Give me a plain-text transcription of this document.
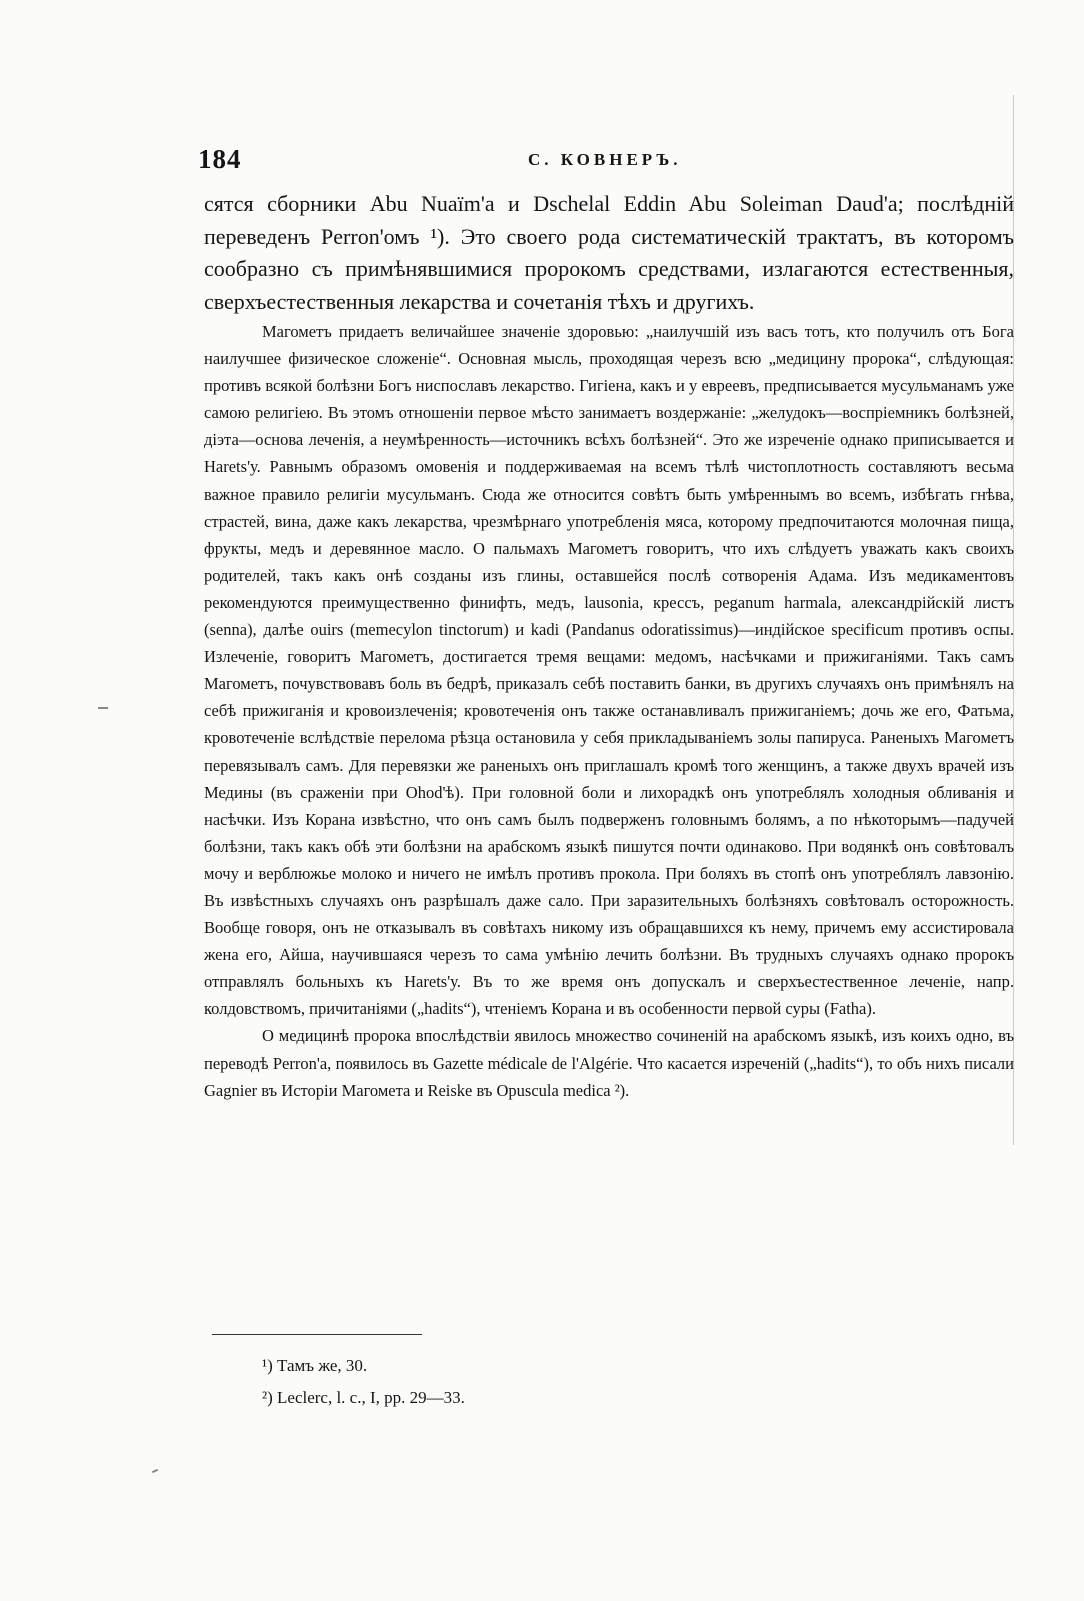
184	С. КОВНЕРЪ.

сятся сборники Abu Nuaïm'a и Dschelal Eddin Abu Soleiman Daud'a; послѣдній переведенъ Perron'омъ ¹). Это своего рода систематическій трактатъ, въ которомъ сообразно съ примѣнявшимися пророкомъ средствами, излагаются естественныя, сверхъестественныя лекарства и сочетанія тѣхъ и другихъ.

Магометъ придаетъ величайшее значеніе здоровью: „наилучшій изъ васъ тотъ, кто получилъ отъ Бога наилучшее физическое сложеніе“. Основная мысль, проходящая черезъ всю „медицину пророка“, слѣдующая: противъ всякой болѣзни Богъ ниспославъ лекарство. Гигіена, какъ и у евреевъ, предписывается мусульманамъ уже самою религіею. Въ этомъ отношеніи первое мѣсто занимаетъ воздержаніе: „желудокъ—воспріемникъ болѣзней, діэта—основа леченія, а неумѣренность—источникъ всѣхъ болѣзней“. Это же изреченіе однако приписывается и Harets'у. Равнымъ образомъ омовенія и поддерживаемая на всемъ тѣлѣ чистоплотность составляютъ весьма важное правило религіи мусульманъ. Сюда же относится совѣтъ быть умѣреннымъ во всемъ, избѣгать гнѣва, страстей, вина, даже какъ лекарства, чрезмѣрнаго употребленія мяса, которому предпочитаются молочная пища, фрукты, медъ и деревянное масло. О пальмахъ Магометъ говоритъ, что ихъ слѣдуетъ уважать какъ своихъ родителей, такъ какъ онѣ созданы изъ глины, оставшейся послѣ сотворенія Адама. Изъ медикаментовъ рекомендуются преимущественно финифть, медъ, lausonia, крессъ, peganum harmala, александрійскій листъ (senna), далѣе ouirs (memecylon tinctorum) и kadi (Pandanus odoratissimus)—индійское specificum противъ оспы. Излеченіе, говоритъ Магометъ, достигается тремя вещами: медомъ, насѣчками и прижиганіями. Такъ самъ Магометъ, почувствовавъ боль въ бедрѣ, приказалъ себѣ поставить банки, въ другихъ случаяхъ онъ примѣнялъ на себѣ прижиганія и кровоизлеченія; кровотеченія онъ также останавливалъ прижиганіемъ; дочь же его, Фатьма, кровотеченіе вслѣдствіе перелома рѣзца остановила у себя прикладываніемъ золы папируса. Раненыхъ Магометъ перевязывалъ самъ. Для перевязки же раненыхъ онъ приглашалъ кромѣ того женщинъ, а также двухъ врачей изъ Медины (въ сраженіи при Ohod'ѣ). При головной боли и лихорадкѣ онъ употреблялъ холодныя обливанія и насѣчки. Изъ Корана извѣстно, что онъ самъ былъ подверженъ головнымъ болямъ, а по нѣкоторымъ—падучей болѣзни, такъ какъ обѣ эти болѣзни на арабскомъ языкѣ пишутся почти одинаково. При водянкѣ онъ совѣтовалъ мочу и верблюжье молоко и ничего не имѣлъ противъ прокола. При боляхъ въ стопѣ онъ употреблялъ лавзонію. Въ извѣстныхъ случаяхъ онъ разрѣшалъ даже сало. При заразительныхъ болѣзняхъ совѣтовалъ осторожность. Вообще говоря, онъ не отказывалъ въ совѣтахъ никому изъ обращавшихся къ нему, причемъ ему ассистировала жена его, Айша, научившаяся черезъ то сама умѣнію лечить болѣзни. Въ трудныхъ случаяхъ однако пророкъ отправлялъ больныхъ къ Harets'у. Въ то же время онъ допускалъ и сверхъестественное леченіе, напр. колдовствомъ, причитаніями („hadits“), чтеніемъ Корана и въ особенности первой суры (Fatha).

О медицинѣ пророка впослѣдствіи явилось множество сочиненій на арабскомъ языкѣ, изъ коихъ одно, въ переводѣ Perron'a, появилось въ Gazette médicale de l'Algérie. Что касается изреченій („hadits“), то объ нихъ писали Gagnier въ Исторіи Магомета и Reiske въ Opuscula medica ²).

¹) Тамъ же, 30.
²) Leclerc, l. c., I, pp. 29—33.
